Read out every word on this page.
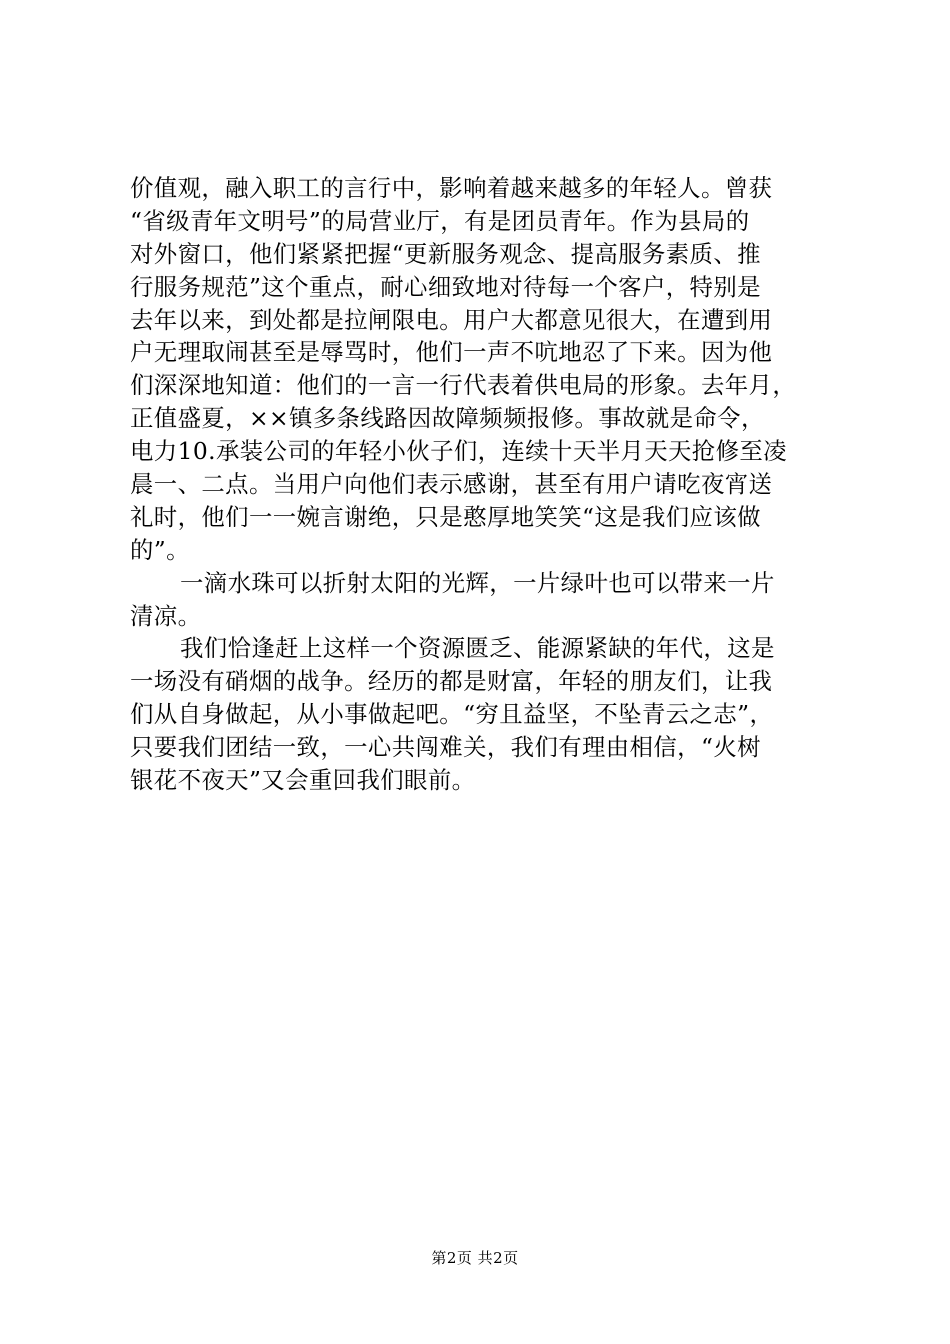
价值观，融入职工的言行中，影响着越来越多的年轻人。曾获
“省级青年文明号”的局营业厅，有是团员青年。作为县局的
对外窗口，他们紧紧把握“更新服务观念、提高服务素质、推
行服务规范”这个重点，耐心细致地对待每一个客户，特别是
去年以来，到处都是拉闸限电。用户大都意见很大，在遭到用
户无理取闹甚至是辱骂时，他们一声不吭地忍了下来。因为他
们深深地知道：他们的一言一行代表着供电局的形象。去年月，
正值盛夏，××镇多条线路因故障频频报修。事故就是命令，
电力10.承装公司的年轻小伙子们，连续十天半月天天抢修至凌
晨一、二点。当用户向他们表示感谢，甚至有用户请吃夜宵送
礼时，他们一一婉言谢绝，只是憨厚地笑笑“这是我们应该做
的”。
一滴水珠可以折射太阳的光辉，一片绿叶也可以带来一片
清凉。
我们恰逢赶上这样一个资源匮乏、能源紧缺的年代，这是
一场没有硝烟的战争。经历的都是财富，年轻的朋友们，让我
们从自身做起，从小事做起吧。“穷且益坚，不坠青云之志”，
只要我们团结一致，一心共闯难关，我们有理由相信，“火树
银花不夜天”又会重回我们眼前。
第2页 共2页
